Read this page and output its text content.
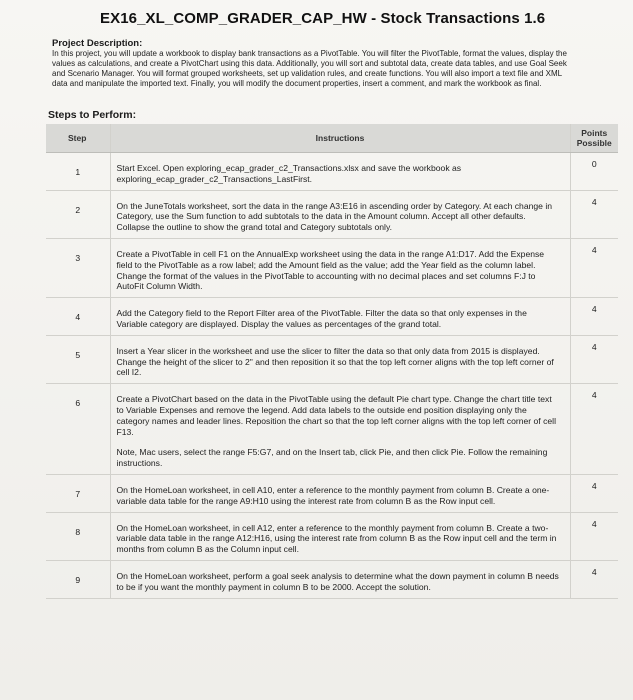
EX16_XL_COMP_GRADER_CAP_HW - Stock Transactions 1.6
Project Description:
In this project, you will update a workbook to display bank transactions as a PivotTable. You will filter the PivotTable, format the values, display the values as calculations, and create a PivotChart using this data. Additionally, you will sort and subtotal data, create data tables, and use Goal Seek and Scenario Manager. You will format grouped worksheets, set up validation rules, and create functions. You will also import a text file and XML data and manipulate the imported text. Finally, you will modify the document properties, insert a comment, and mark the workbook as final.
Steps to Perform:
Step	Instructions	Points Possible
1	Start Excel. Open exploring_ecap_grader_c2_Transactions.xlsx and save the workbook as exploring_ecap_grader_c2_Transactions_LastFirst.	0
2	On the JuneTotals worksheet, sort the data in the range A3:E16 in ascending order by Category. At each change in Category, use the Sum function to add subtotals to the data in the Amount column. Accept all other defaults. Collapse the outline to show the grand total and Category subtotals only.	4
3	Create a PivotTable in cell F1 on the AnnualExp worksheet using the data in the range A1:D17. Add the Expense field to the PivotTable as a row label; add the Amount field as the value; add the Year field as the column label. Change the format of the values in the PivotTable to accounting with no decimal places and set columns F:J to AutoFit Column Width.	4
4	Add the Category field to the Report Filter area of the PivotTable. Filter the data so that only expenses in the Variable category are displayed. Display the values as percentages of the grand total.	4
5	Insert a Year slicer in the worksheet and use the slicer to filter the data so that only data from 2015 is displayed. Change the height of the slicer to 2" and then reposition it so that the top left corner aligns with the top left corner of cell I2.	4
6	Create a PivotChart based on the data in the PivotTable using the default Pie chart type. Change the chart title text to Variable Expenses and remove the legend. Add data labels to the outside end position displaying only the category names and leader lines. Reposition the chart so that the top left corner aligns with the top left corner of cell F13.
Note, Mac users, select the range F5:G7, and on the Insert tab, click Pie, and then click Pie. Follow the remaining instructions.	4
7	On the HomeLoan worksheet, in cell A10, enter a reference to the monthly payment from column B. Create a one-variable data table for the range A9:H10 using the interest rate from column B as the Row input cell.	4
8	On the HomeLoan worksheet, in cell A12, enter a reference to the monthly payment from column B. Create a two-variable data table in the range A12:H16, using the interest rate from column B as the Row input cell and the term in months from column B as the Column input cell.	4
9	On the HomeLoan worksheet, perform a goal seek analysis to determine what the down payment in column B needs to be if you want the monthly payment in column B to be 2000. Accept the solution.	4
